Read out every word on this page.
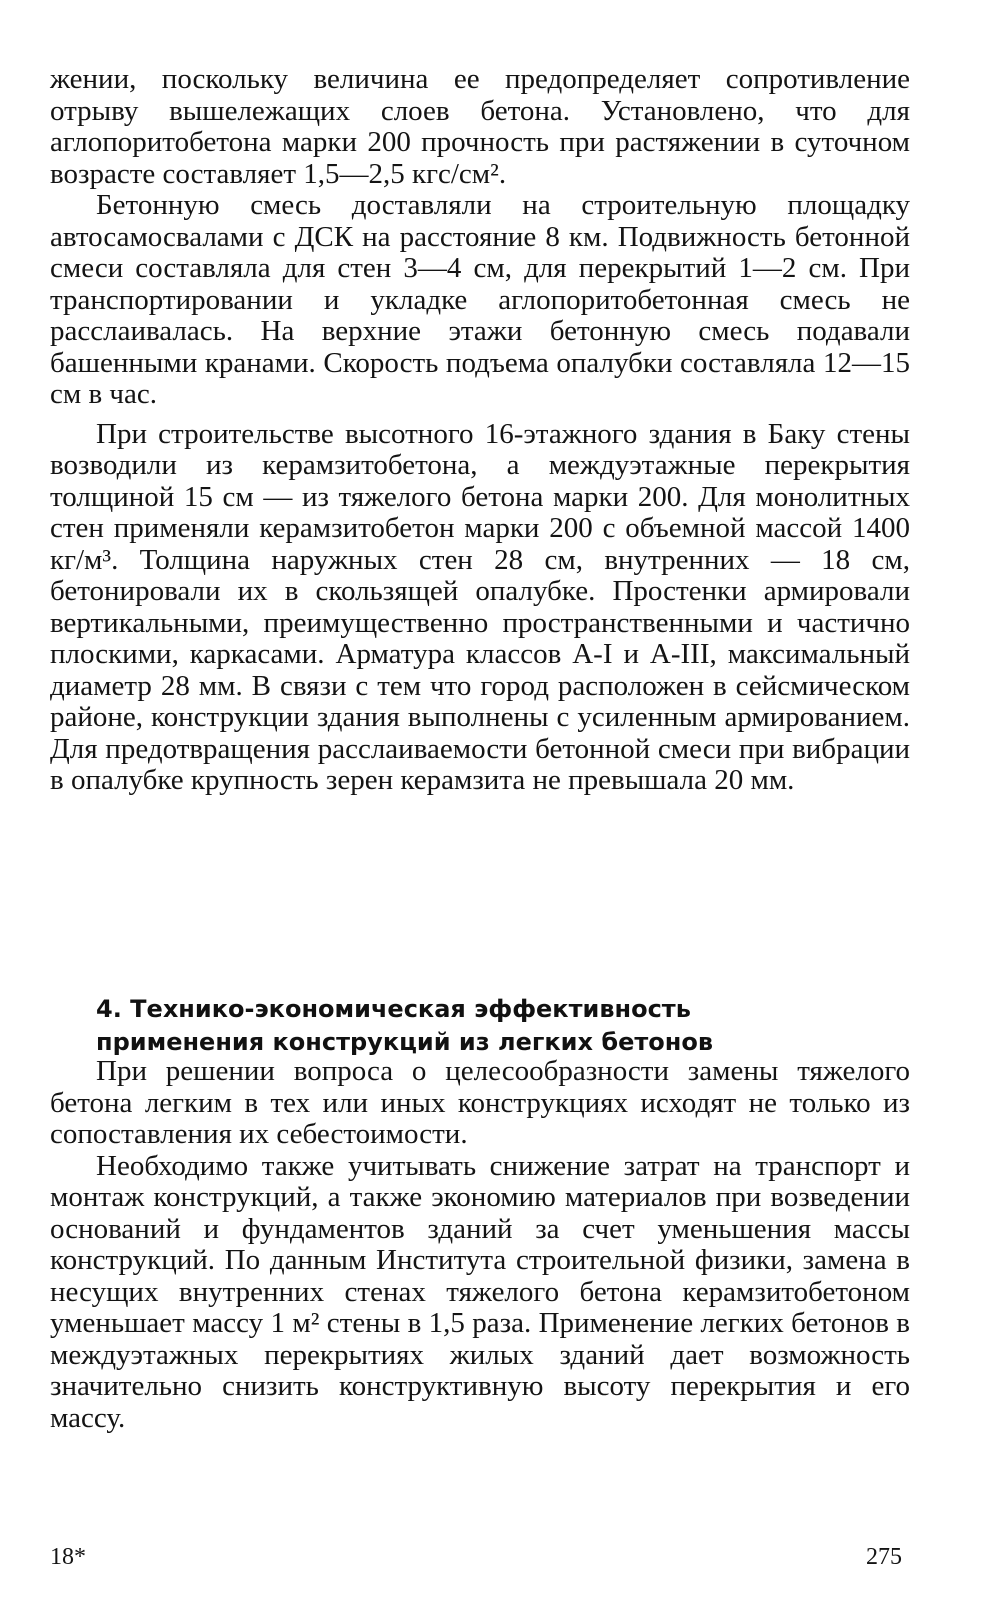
жении, поскольку величина ее предопределяет сопротивление отрыву вышележащих слоев бетона. Установлено, что для аглопоритобетона марки 200 прочность при растяжении в суточном возрасте составляет 1,5—2,5 кгс/см².

Бетонную смесь доставляли на строительную площадку автосамосвалами с ДСК на расстояние 8 км. Подвижность бетонной смеси составляла для стен 3—4 см, для перекрытий 1—2 см. При транспортировании и укладке аглопоритобетонная смесь не расслаивалась. На верхние этажи бетонную смесь подавали башенными кранами. Скорость подъема опалубки составляла 12—15 см в час.

При строительстве высотного 16-этажного здания в Баку стены возводили из керамзитобетона, а междуэтажные перекрытия толщиной 15 см — из тяжелого бетона марки 200. Для монолитных стен применяли керамзитобетон марки 200 с объемной массой 1400 кг/м³. Толщина наружных стен 28 см, внутренних — 18 см, бетонировали их в скользящей опалубке. Простенки армировали вертикальными, преимущественно пространственными и частично плоскими, каркасами. Арматура классов А-I и А-III, максимальный диаметр 28 мм. В связи с тем что город расположен в сейсмическом районе, конструкции здания выполнены с усиленным армированием. Для предотвращения расслаиваемости бетонной смеси при вибрации в опалубке крупность зерен керамзита не превышала 20 мм.

4. Технико-экономическая эффективность
применения конструкций из легких бетонов

При решении вопроса о целесообразности замены тяжелого бетона легким в тех или иных конструкциях исходят не только из сопоставления их себестоимости.

Необходимо также учитывать снижение затрат на транспорт и монтаж конструкций, а также экономию материалов при возведении оснований и фундаментов зданий за счет уменьшения массы конструкций. По данным Института строительной физики, замена в несущих внутренних стенах тяжелого бетона керамзитобетоном уменьшает массу 1 м² стены в 1,5 раза. Применение легких бетонов в междуэтажных перекрытиях жилых зданий дает возможность значительно снизить конструктивную высоту перекрытия и его массу.

18*	275
